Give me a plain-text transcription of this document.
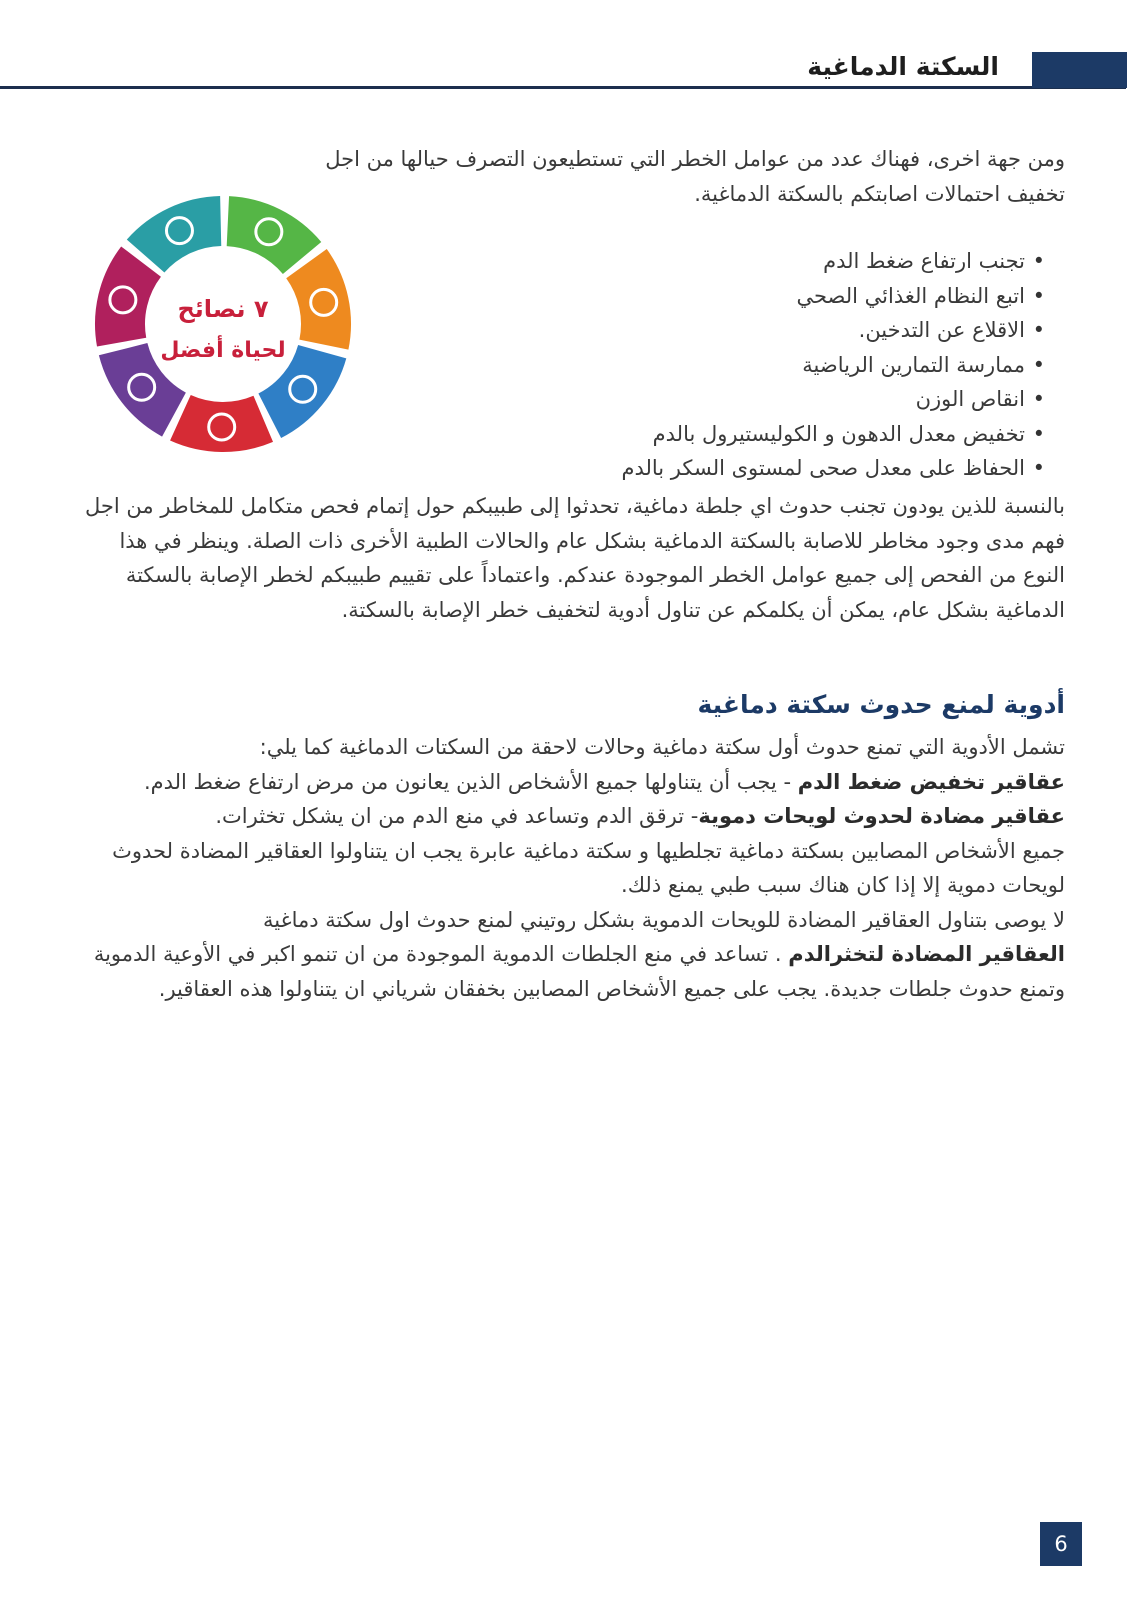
السكتة الدماغية
ومن جهة اخرى، فهناك عدد من عوامل الخطر التي تستطيعون التصرف حيالها من اجل تخفيف احتمالات اصابتكم بالسكتة الدماغية.
٧ نصائح
لحياة أفضل
• تجنب ارتفاع ضغط الدم
• اتبع النظام الغذائي الصحي
• الاقلاع عن التدخين.
• ممارسة التمارين الرياضية
• انقاص الوزن
• تخفيض معدل الدهون و الكوليستيرول بالدم
• الحفاظ على معدل صحى لمستوى السكر بالدم
بالنسبة للذين يودون تجنب حدوث اي جلطة دماغية، تحدثوا إلى طبيبكم حول إتمام فحص متكامل للمخاطر من اجل فهم مدى وجود مخاطر للاصابة بالسكتة الدماغية بشكل عام والحالات الطبية الأخرى ذات الصلة. وينظر في هذا النوع من الفحص إلى جميع عوامل الخطر الموجودة عندكم. واعتماداً على تقييم طبيبكم لخطر الإصابة بالسكتة الدماغية بشكل عام، يمكن أن يكلمكم عن تناول أدوية لتخفيف خطر الإصابة بالسكتة.
أدوية لمنع حدوث سكتة دماغية

تشمل الأدوية التي تمنع حدوث أول سكتة دماغية وحالات لاحقة من السكتات الدماغية كما يلي:

عقاقير تخفيض ضغط الدم - يجب أن يتناولها جميع الأشخاص الذين يعانون من مرض ارتفاع ضغط الدم.

عقاقير مضادة لحدوث لويحات دموية- ترقق الدم وتساعد في منع الدم من ان يشكل تخثرات.

جميع الأشخاص المصابين بسكتة دماغية تجلطيها و سكتة دماغية عابرة يجب ان يتناولوا العقاقير المضادة لحدوث لويحات دموية إلا إذا كان هناك سبب طبي يمنع ذلك.

لا يوصى بتناول العقاقير المضادة للويحات الدموية بشكل روتيني لمنع حدوث اول سكتة دماغية

العقاقير المضادة لتخثرالدم . تساعد في منع الجلطات الدموية الموجودة من ان تنمو اكبر في الأوعية الدموية وتمنع حدوث جلطات جديدة. يجب على جميع الأشخاص المصابين بخفقان شرياني ان يتناولوا هذه العقاقير.

6
